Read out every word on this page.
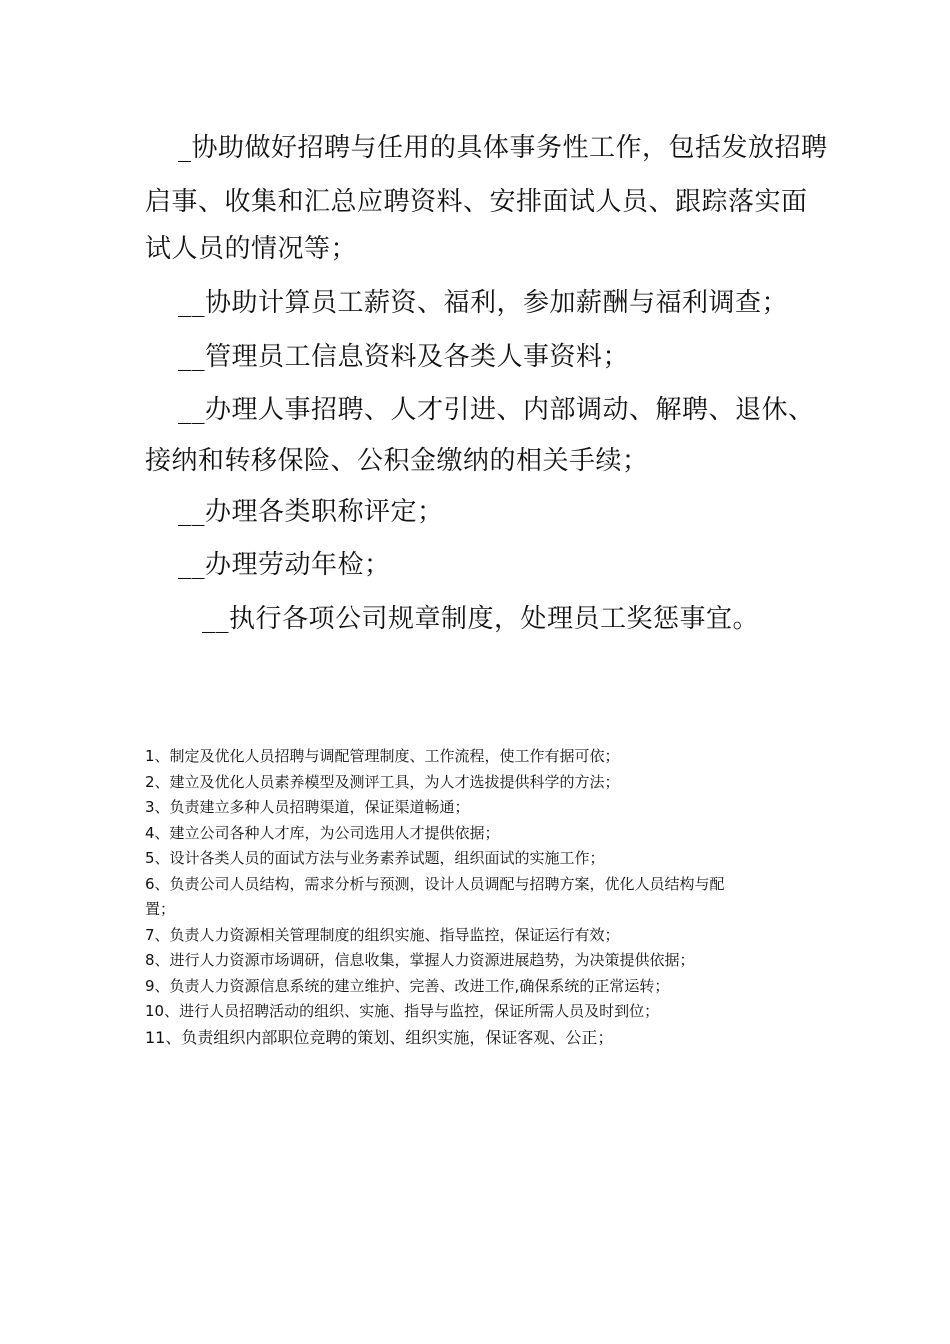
_协助做好招聘与任用的具体事务性工作，包括发放招聘
启事、收集和汇总应聘资料、安排面试人员、跟踪落实面
试人员的情况等；
__协助计算员工薪资、福利，参加薪酬与福利调查；
__管理员工信息资料及各类人事资料；
__办理人事招聘、人才引进、内部调动、解聘、退休、
接纳和转移保险、公积金缴纳的相关手续；
__办理各类职称评定；
__办理劳动年检；
__执行各项公司规章制度，处理员工奖惩事宜。
1、制定及优化人员招聘与调配管理制度、工作流程，使工作有据可依；
2、建立及优化人员素养模型及测评工具，为人才选拔提供科学的方法；
3、负责建立多种人员招聘渠道，保证渠道畅通；
4、建立公司各种人才库，为公司选用人才提供依据；
5、设计各类人员的面试方法与业务素养试题，组织面试的实施工作；
6、负责公司人员结构，需求分析与预测，设计人员调配与招聘方案，优化人员结构与配
置；
7、负责人力资源相关管理制度的组织实施、指导监控，保证运行有效；
8、进行人力资源市场调研，信息收集，掌握人力资源进展趋势，为决策提供依据；
9、负责人力资源信息系统的建立维护、完善、改进工作,确保系统的正常运转；
10、进行人员招聘活动的组织、实施、指导与监控，保证所需人员及时到位；
11、负责组织内部职位竞聘的策划、组织实施，保证客观、公正；
